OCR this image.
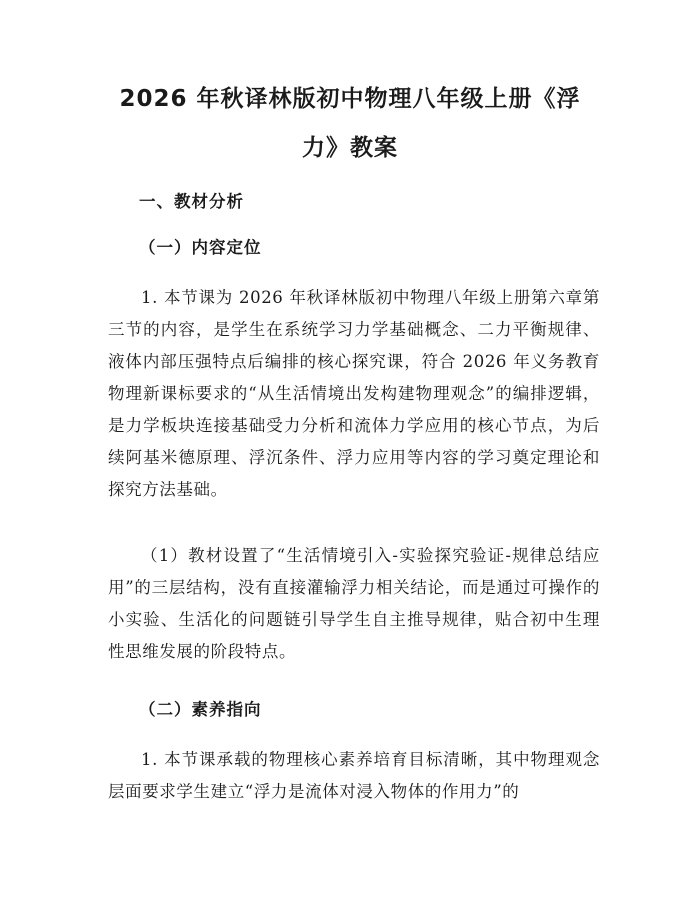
2026 年秋译林版初中物理八年级上册《浮
力》教案
一、教材分析
（一）内容定位

1. 本节课为 2026 年秋译林版初中物理八年级上册第六章第三节的内容，是学生在系统学习力学基础概念、二力平衡规律、液体内部压强特点后编排的核心探究课，符合 2026 年义务教育物理新课标要求的“从生活情境出发构建物理观念”的编排逻辑，是力学板块连接基础受力分析和流体力学应用的核心节点，为后续阿基米德原理、浮沉条件、浮力应用等内容的学习奠定理论和探究方法基础。

（1）教材设置了“生活情境引入-实验探究验证-规律总结应用”的三层结构，没有直接灌输浮力相关结论，而是通过可操作的小实验、生活化的问题链引导学生自主推导规律，贴合初中生理性思维发展的阶段特点。

（二）素养指向

1. 本节课承载的物理核心素养培育目标清晰，其中物理观念层面要求学生建立“浮力是流体对浸入物体的作用力”的
